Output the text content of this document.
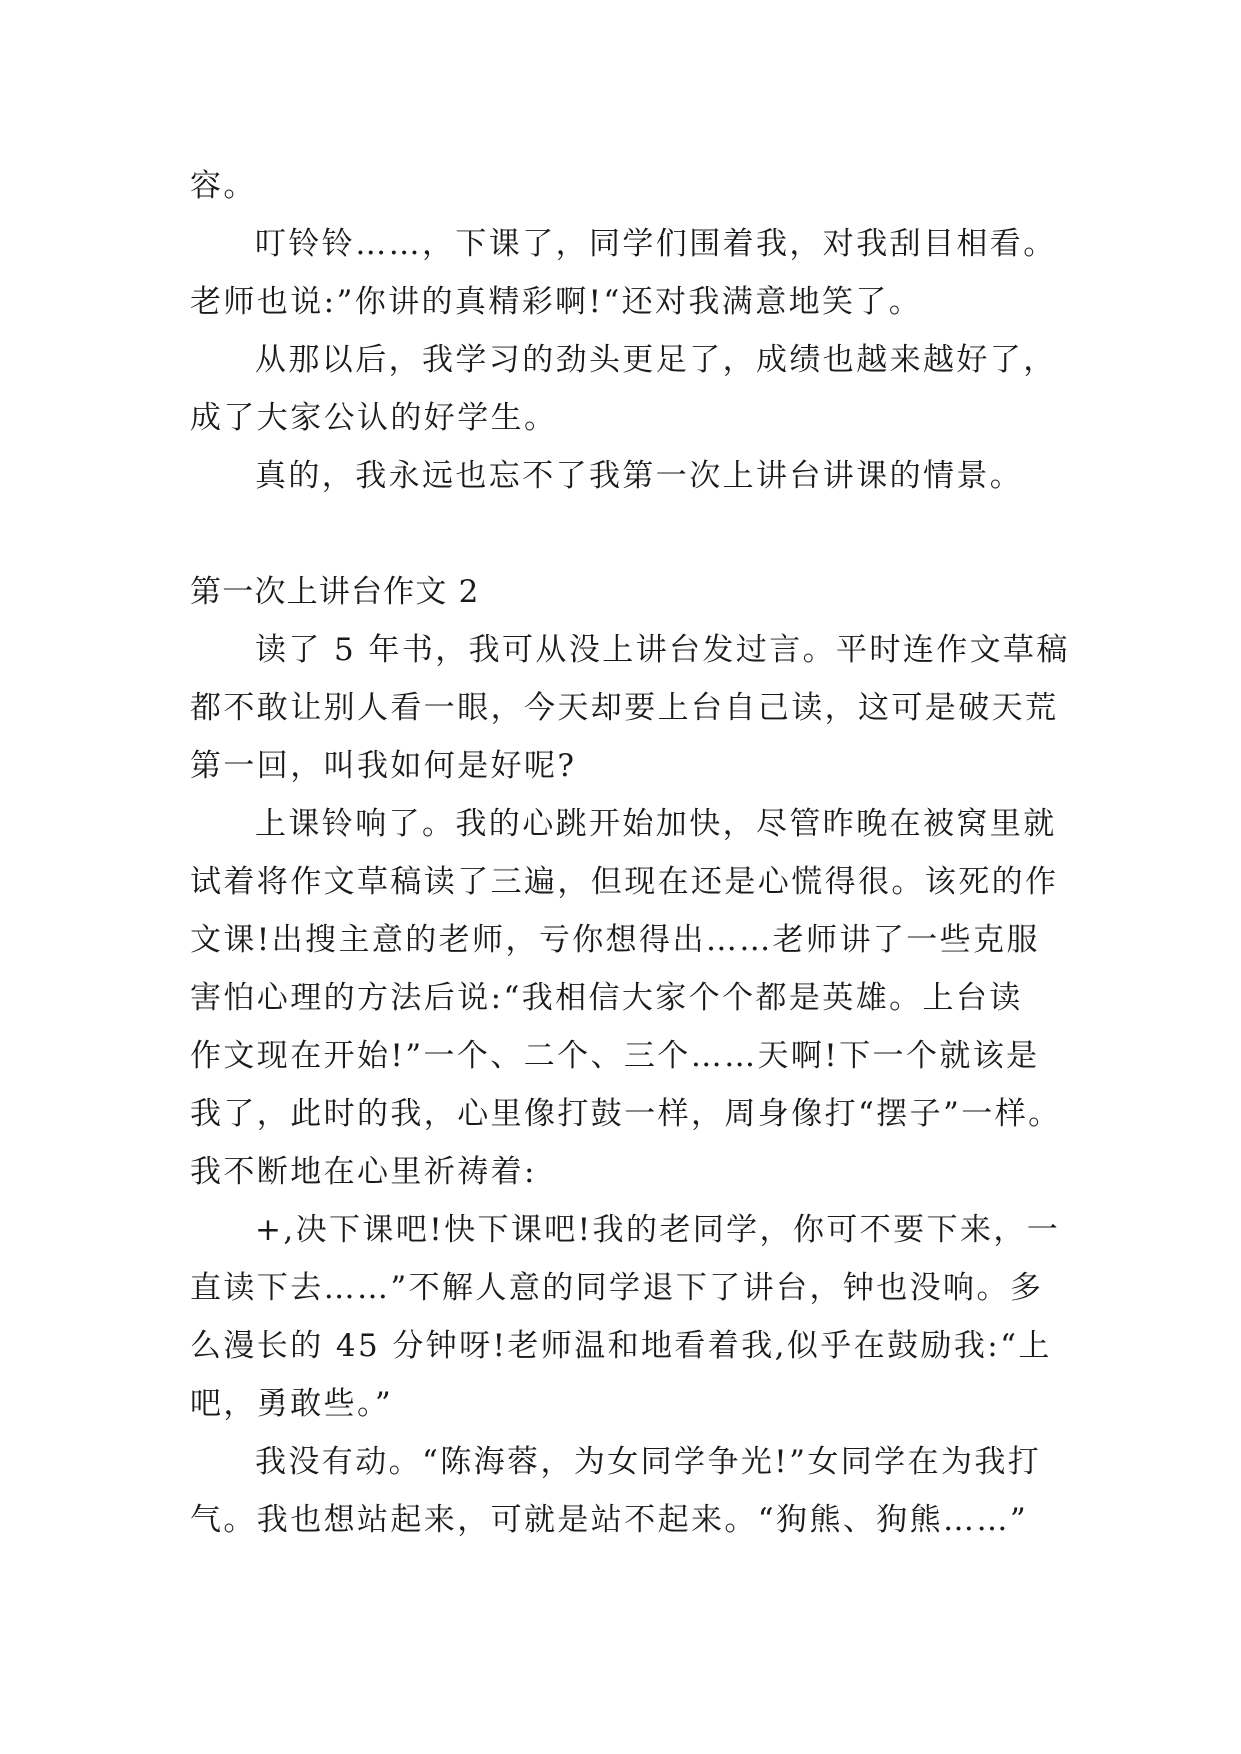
容。

叮铃铃……，下课了，同学们围着我，对我刮目相看。

老师也说:”你讲的真精彩啊!“还对我满意地笑了。

从那以后，我学习的劲头更足了，成绩也越来越好了，

成了大家公认的好学生。

真的，我永远也忘不了我第一次上讲台讲课的情景。

第一次上讲台作文 2

读了 5 年书，我可从没上讲台发过言。平时连作文草稿

都不敢让别人看一眼，今天却要上台自己读，这可是破天荒

第一回，叫我如何是好呢?

上课铃响了。我的心跳开始加快，尽管昨晚在被窝里就

试着将作文草稿读了三遍，但现在还是心慌得很。该死的作

文课!出搜主意的老师，亏你想得出……老师讲了一些克服

害怕心理的方法后说:“我相信大家个个都是英雄。上台读

作文现在开始!”一个、二个、三个……天啊!下一个就该是

我了，此时的我，心里像打鼓一样，周身像打“摆子”一样。

我不断地在心里祈祷着:

+,决下课吧!快下课吧!我的老同学，你可不要下来，一

直读下去……”不解人意的同学退下了讲台，钟也没响。多

么漫长的 45 分钟呀!老师温和地看着我,似乎在鼓励我:“上

吧，勇敢些。”

我没有动。“陈海蓉，为女同学争光!”女同学在为我打

气。我也想站起来，可就是站不起来。“狗熊、狗熊……”
